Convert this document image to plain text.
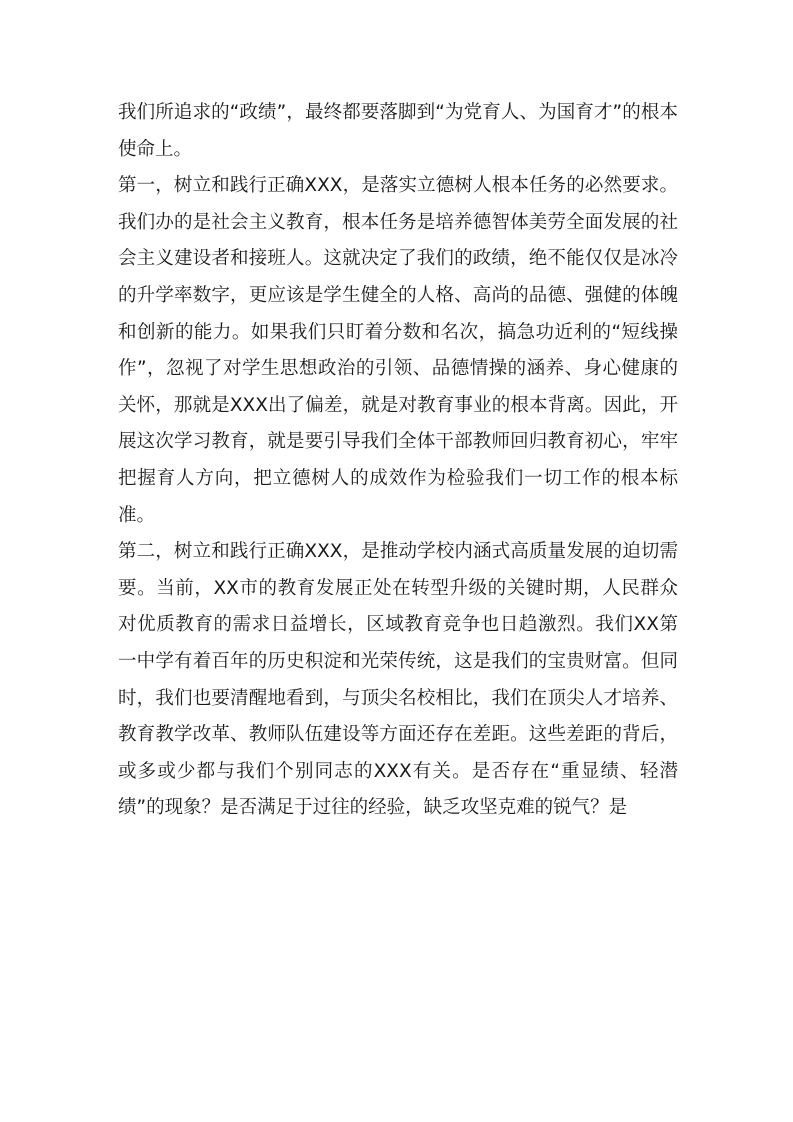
我们所追求的“政绩”，最终都要落脚到“为党育人、为国育才”的根本使命上。

第一，树立和践行正确XXX，是落实立德树人根本任务的必然要求。我们办的是社会主义教育，根本任务是培养德智体美劳全面发展的社会主义建设者和接班人。这就决定了我们的政绩，绝不能仅仅是冰冷的升学率数字，更应该是学生健全的人格、高尚的品德、强健的体魄和创新的能力。如果我们只盯着分数和名次，搞急功近利的“短线操作”，忽视了对学生思想政治的引领、品德情操的涵养、身心健康的关怀，那就是XXX出了偏差，就是对教育事业的根本背离。因此，开展这次学习教育，就是要引导我们全体干部教师回归教育初心，牢牢把握育人方向，把立德树人的成效作为检验我们一切工作的根本标准。

第二，树立和践行正确XXX，是推动学校内涵式高质量发展的迫切需要。当前，XX市的教育发展正处在转型升级的关键时期，人民群众对优质教育的需求日益增长，区域教育竞争也日趋激烈。我们XX第一中学有着百年的历史积淀和光荣传统，这是我们的宝贵财富。但同时，我们也要清醒地看到，与顶尖名校相比，我们在顶尖人才培养、教育教学改革、教师队伍建设等方面还存在差距。这些差距的背后，或多或少都与我们个别同志的XXX有关。是否存在“重显绩、轻潜绩”的现象？是否满足于过往的经验，缺乏攻坚克难的锐气？是
